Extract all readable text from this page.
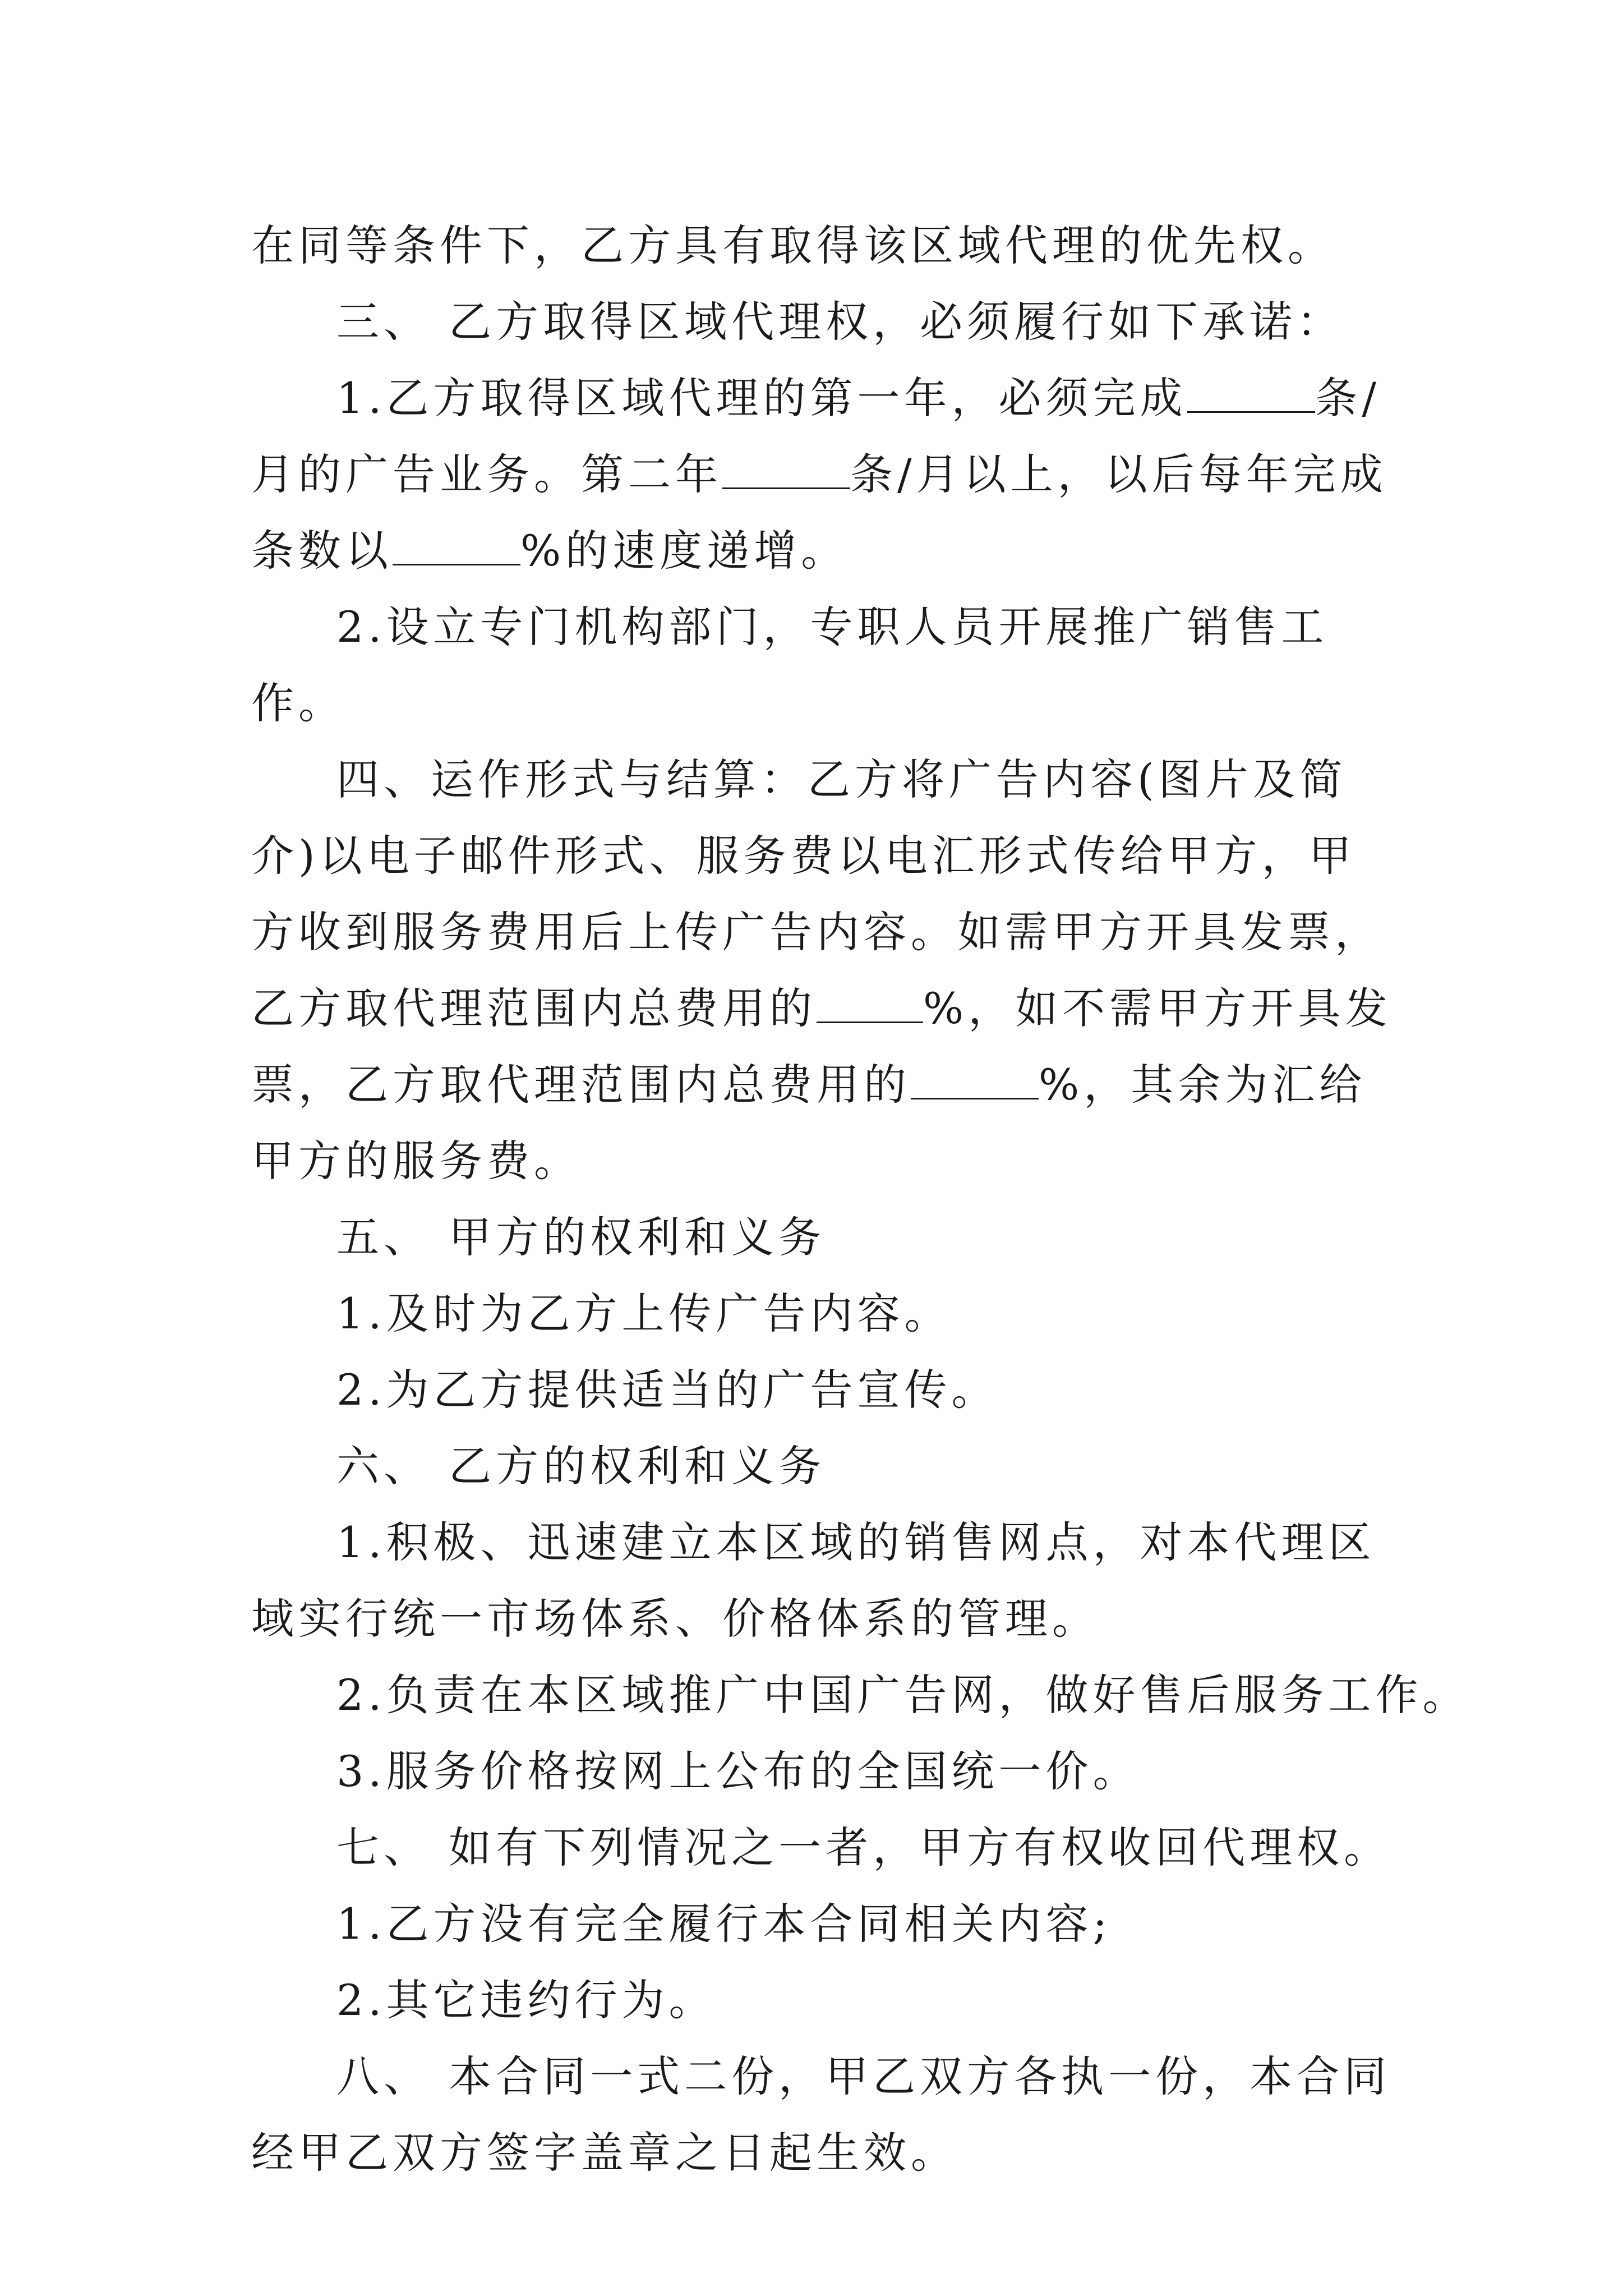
在同等条件下，乙方具有取得该区域代理的优先权。

三、 乙方取得区域代理权，必须履行如下承诺：

1.乙方取得区域代理的第一年，必须完成	条/月的广告业务。第二年	条/月以上，以后每年完成条数以	%的速度递增。

2.设立专门机构部门，专职人员开展推广销售工作。

四、运作形式与结算：乙方将广告内容(图片及简介)以电子邮件形式、服务费以电汇形式传给甲方，甲方收到服务费用后上传广告内容。如需甲方开具发票，乙方取代理范围内总费用的	%，如不需甲方开具发票，乙方取代理范围内总费用的	%，其余为汇给甲方的服务费。

五、 甲方的权利和义务

1.及时为乙方上传广告内容。

2.为乙方提供适当的广告宣传。

六、 乙方的权利和义务

1.积极、迅速建立本区域的销售网点，对本代理区域实行统一市场体系、价格体系的管理。

2.负责在本区域推广中国广告网，做好售后服务工作。

3.服务价格按网上公布的全国统一价。

七、 如有下列情况之一者，甲方有权收回代理权。

1.乙方没有完全履行本合同相关内容;

2.其它违约行为。

八、 本合同一式二份，甲乙双方各执一份，本合同经甲乙双方签字盖章之日起生效。
